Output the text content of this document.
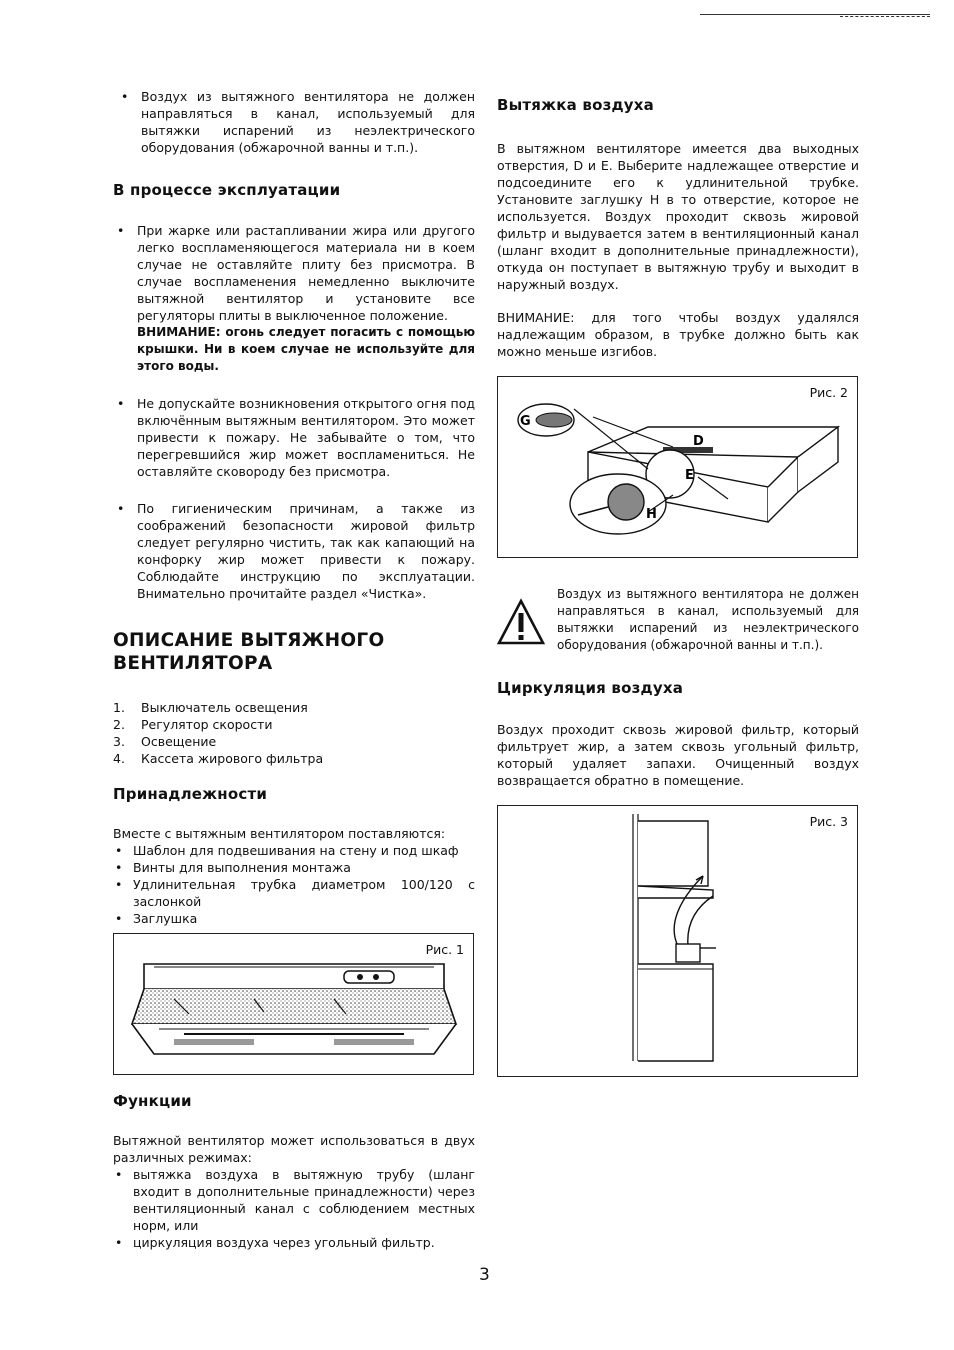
• Воздух из вытяжного вентилятора не должен направляться в канал, используемый для вытяжки испарений из неэлектрического оборудования (обжарочной ванны и т.п.).
В процессе эксплуатации
• При жарке или растапливании жира или другого легко воспламеняющегося материала ни в коем случае не оставляйте плиту без присмотра. В случае воспламенения немедленно выключите вытяжной вентилятор и установите все регуляторы плиты в выключенное положение.
ВНИМАНИЕ: огонь следует погасить с помощью крышки. Ни в коем случае не используйте для этого воды.
• Не допускайте возникновения открытого огня под включённым вытяжным вентилятором. Это может привести к пожару. Не забывайте о том, что перегревшийся жир может воспламениться. Не оставляйте сковороду без присмотра.
• По гигиеническим причинам, а также из соображений безопасности жировой фильтр следует регулярно чистить, так как капающий на конфорку жир может привести к пожару. Соблюдайте инструкцию по эксплуатации. Внимательно прочитайте раздел «Чистка».
ОПИСАНИЕ ВЫТЯЖНОГО ВЕНТИЛЯТОРА
1.	Выключатель освещения
2.	Регулятор скорости
3.	Освещение
4.	Кассета жирового фильтра
Принадлежности
Вместе с вытяжным вентилятором поставляются:
• Шаблон для подвешивания на стену и под шкаф
• Винты для выполнения монтажа
• Удлинительная трубка диаметром 100/120 с заслонкой
• Заглушка
Рис. 1
Функции
Вытяжной вентилятор может использоваться в двух различных режимах:
• вытяжка воздуха в вытяжную трубу (шланг входит в дополнительные принадлежности) через вентиляционный канал с соблюдением местных норм, или
• циркуляция воздуха через угольный фильтр.
Вытяжка воздуха
В вытяжном вентиляторе имеется два выходных отверстия, D и E. Выберите надлежащее отверстие и подсоедините его к удлинительной трубке. Установите заглушку H в то отверстие, которое не используется. Воздух проходит сквозь жировой фильтр и выдувается затем в вентиляционный канал (шланг входит в дополнительные принадлежности), откуда он поступает в вытяжную трубу и выходит в наружный воздух.
ВНИМАНИЕ: для того чтобы воздух удалялся надлежащим образом, в трубке должно быть как можно меньше изгибов.
Рис. 2
G
D
E
H
Воздух из вытяжного вентилятора не должен направляться в канал, используемый для вытяжки испарений из неэлектрического оборудования (обжарочной ванны и т.п.).
Циркуляция воздуха
Воздух проходит сквозь жировой фильтр, который фильтрует жир, а затем сквозь угольный фильтр, который удаляет запахи. Очищенный воздух возвращается обратно в помещение.
Рис. 3
3
